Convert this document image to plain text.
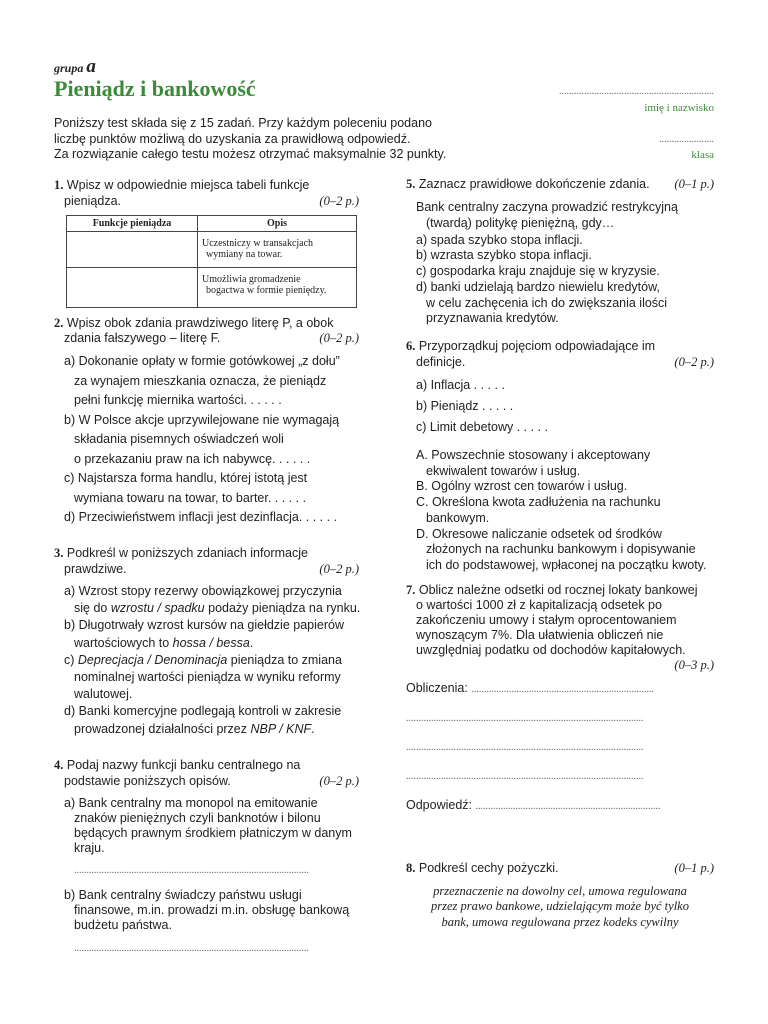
grupa a
Pieniądz i bankowość	..............................................................
imię i nazwisko
......................
klasa
Poniższy test składa się z 15 zadań. Przy każdym poleceniu podano
liczbę punktów możliwą do uzyskania za prawidłową odpowiedź.
Za rozwiązanie całego testu możesz otrzymać maksymalnie 32 punkty.
1. Wpisz w odpowiednie miejsca tabeli funkcje
pieniądza.	(0–2 p.)
Funkcje pieniądza	Opis

	Uczestniczy w transakcjach
wymiany na towar.

	Umożliwia gromadzenie
bogactwa w formie pieniędzy.
2. Wpisz obok zdania prawdziwego literę P, a obok
zdania fałszywego – literę F.	(0–2 p.)
a) Dokonanie opłaty w formie gotówkowej „z dołu”
za wynajem mieszkania oznacza, że pieniądz
pełni funkcję miernika wartości. . . . . .
b) W Polsce akcje uprzywilejowane nie wymagają
składania pisemnych oświadczeń woli
o przekazaniu praw na ich nabywcę. . . . . .
c) Najstarsza forma handlu, której istotą jest
wymiana towaru na towar, to barter. . . . . .
d) Przeciwieństwem inflacji jest dezinflacja. . . . . .
3. Podkreśl w poniższych zdaniach informacje
prawdziwe.	(0–2 p.)
a) Wzrost stopy rezerwy obowiązkowej przyczynia
się do wzrostu / spadku podaży pieniądza na rynku.
b) Długotrwały wzrost kursów na giełdzie papierów
wartościowych to hossa / bessa.
c) Deprecjacja / Denominacja pieniądza to zmiana
nominalnej wartości pieniądza w wyniku reformy
walutowej.
d) Banki komercyjne podlegają kontroli w zakresie
prowadzonej działalności przez NBP / KNF.
4. Podaj nazwy funkcji banku centralnego na
podstawie poniższych opisów.	(0–2 p.)
a) Bank centralny ma monopol na emitowanie
znaków pieniężnych czyli banknotów i bilonu
będących prawnym środkiem płatniczym w danym
kraju.
..............................................................................................
b) Bank centralny świadczy państwu usługi
finansowe, m.in. prowadzi m.in. obsługę bankową
budżetu państwa.
..............................................................................................
5. Zaznacz prawidłowe dokończenie zdania. (0–1 p.)
Bank centralny zaczyna prowadzić restrykcyjną
(twardą) politykę pieniężną, gdy…
a) spada szybko stopa inflacji.
b) wzrasta szybko stopa inflacji.
c) gospodarka kraju znajduje się w kryzysie.
d) banki udzielają bardzo niewielu kredytów,
w celu zachęcenia ich do zwiększania ilości
przyznawania kredytów.
6. Przyporządkuj pojęciom odpowiadające im
definicje.	(0–2 p.)
a) Inflacja . . . . .
b) Pieniądz . . . . .
c) Limit debetowy . . . . .
A. Powszechnie stosowany i akceptowany
ekwiwalent towarów i usług.
B. Ogólny wzrost cen towarów i usług.
C. Określona kwota zadłużenia na rachunku
bankowym.
D. Okresowe naliczanie odsetek od środków
złożonych na rachunku bankowym i dopisywanie
ich do podstawowej, wpłaconej na początku kwoty.
7. Oblicz należne odsetki od rocznej lokaty bankowej
o wartości 1000 zł z kapitalizacją odsetek po
zakończeniu umowy i stałym oprocentowaniem
wynoszącym 7%. Dla ułatwienia obliczeń nie
uwzględniaj podatku od dochodów kapitałowych.
(0–3 p.)
Obliczenia: .........................................................................
...............................................................................................
...............................................................................................
...............................................................................................
Odpowiedź: ..........................................................................
8. Podkreśl cechy pożyczki.	(0–1 p.)
przeznaczenie na dowolny cel, umowa regulowana
przez prawo bankowe, udzielającym może być tylko
bank, umowa regulowana przez kodeks cywilny
